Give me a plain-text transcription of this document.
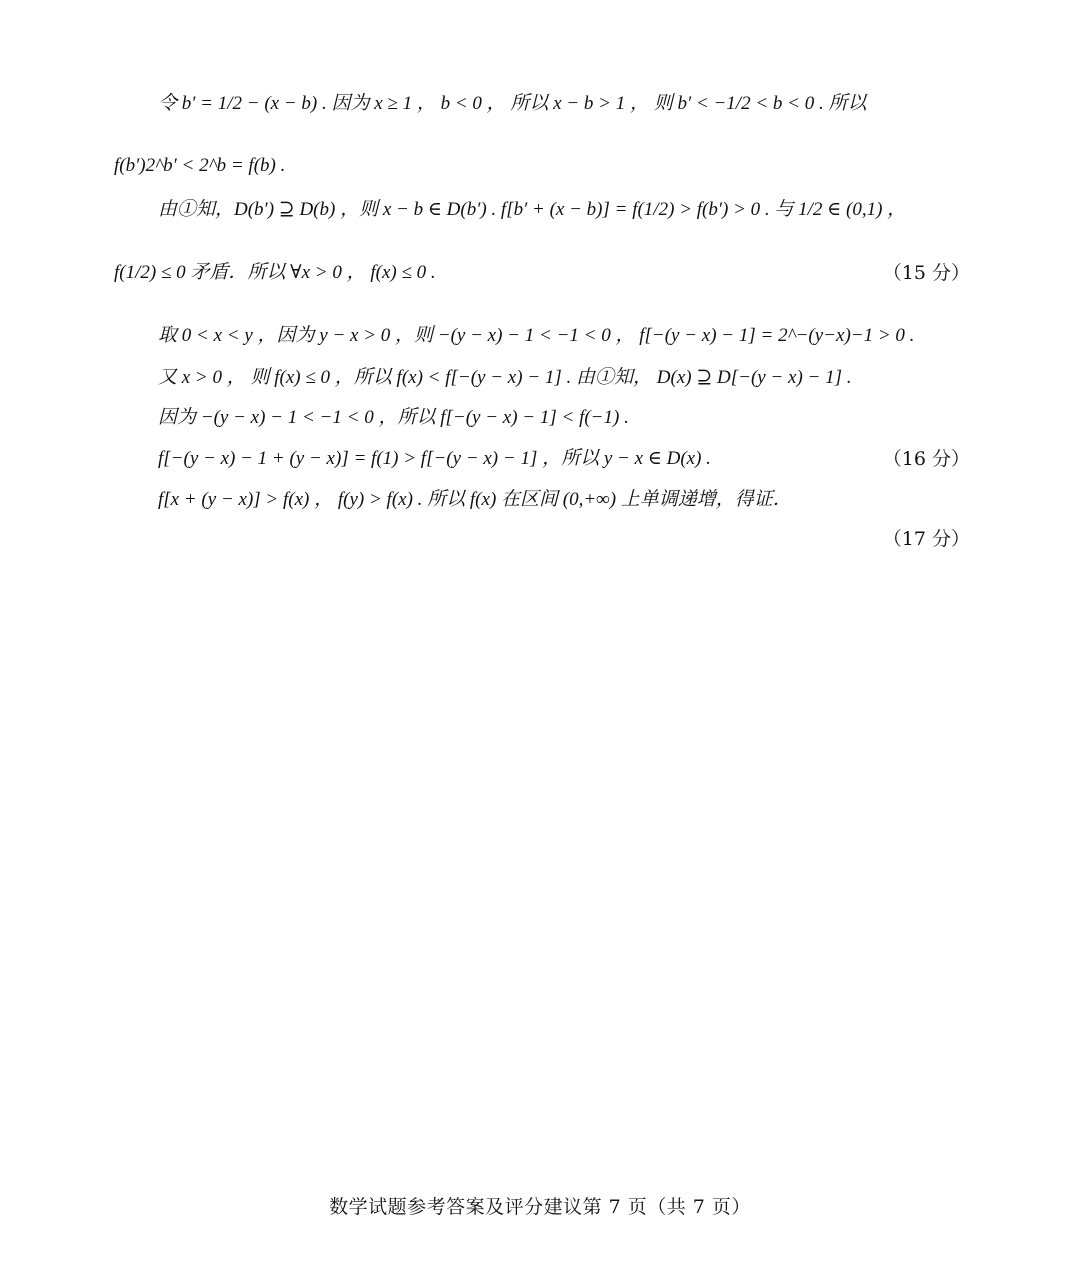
令 b′ = 1/2 − (x − b) . 因为 x ≥ 1 ， b < 0 ， 所以 x − b > 1 ， 则 b′ < −1/2 < b < 0 . 所以
f(b′)2^b′ < 2^b = f(b) .
由①知，D(b′) ⊇ D(b) ，则 x − b ∈ D(b′) . f[b′ + (x − b)] = f(1/2) > f(b′) > 0 . 与 1/2 ∈ (0,1) ，
f(1/2) ≤ 0 矛盾．所以 ∀x > 0 ， f(x) ≤ 0 .	（15 分）
取 0 < x < y ，因为 y − x > 0 ，则 −(y − x) − 1 < −1 < 0 ， f[−(y − x) − 1] = 2^−(y−x)−1 > 0 .
又 x > 0 ， 则 f(x) ≤ 0 ，所以 f(x) < f[−(y − x) − 1] . 由①知， D(x) ⊇ D[−(y − x) − 1] .
因为 −(y − x) − 1 < −1 < 0 ，所以 f[−(y − x) − 1] < f(−1) .
f[−(y − x) − 1 + (y − x)] = f(1) > f[−(y − x) − 1] ，所以 y − x ∈ D(x) .	（16 分）
f[x + (y − x)] > f(x) ， f(y) > f(x) . 所以 f(x) 在区间 (0,+∞) 上单调递增，得证．
（17 分）
数学试题参考答案及评分建议第 7 页（共 7 页）
